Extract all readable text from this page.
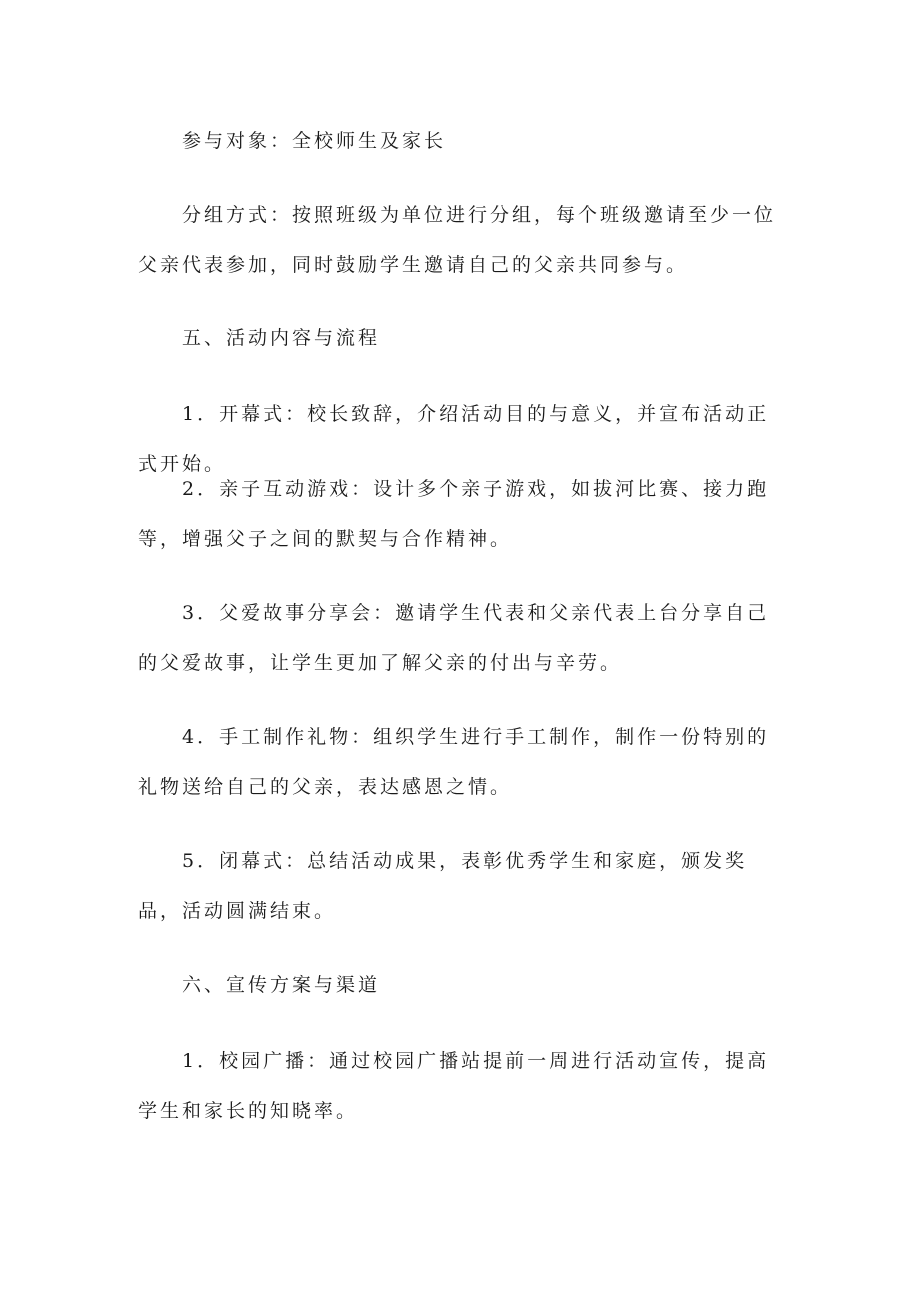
参与对象：全校师生及家长

分组方式：按照班级为单位进行分组，每个班级邀请至少一位父亲代表参加，同时鼓励学生邀请自己的父亲共同参与。

五、活动内容与流程

1．开幕式：校长致辞，介绍活动目的与意义，并宣布活动正式开始。

2．亲子互动游戏：设计多个亲子游戏，如拔河比赛、接力跑等，增强父子之间的默契与合作精神。

3．父爱故事分享会：邀请学生代表和父亲代表上台分享自己的父爱故事，让学生更加了解父亲的付出与辛劳。

4．手工制作礼物：组织学生进行手工制作，制作一份特别的礼物送给自己的父亲，表达感恩之情。

5．闭幕式：总结活动成果，表彰优秀学生和家庭，颁发奖品，活动圆满结束。

六、宣传方案与渠道

1．校园广播：通过校园广播站提前一周进行活动宣传，提高学生和家长的知晓率。
